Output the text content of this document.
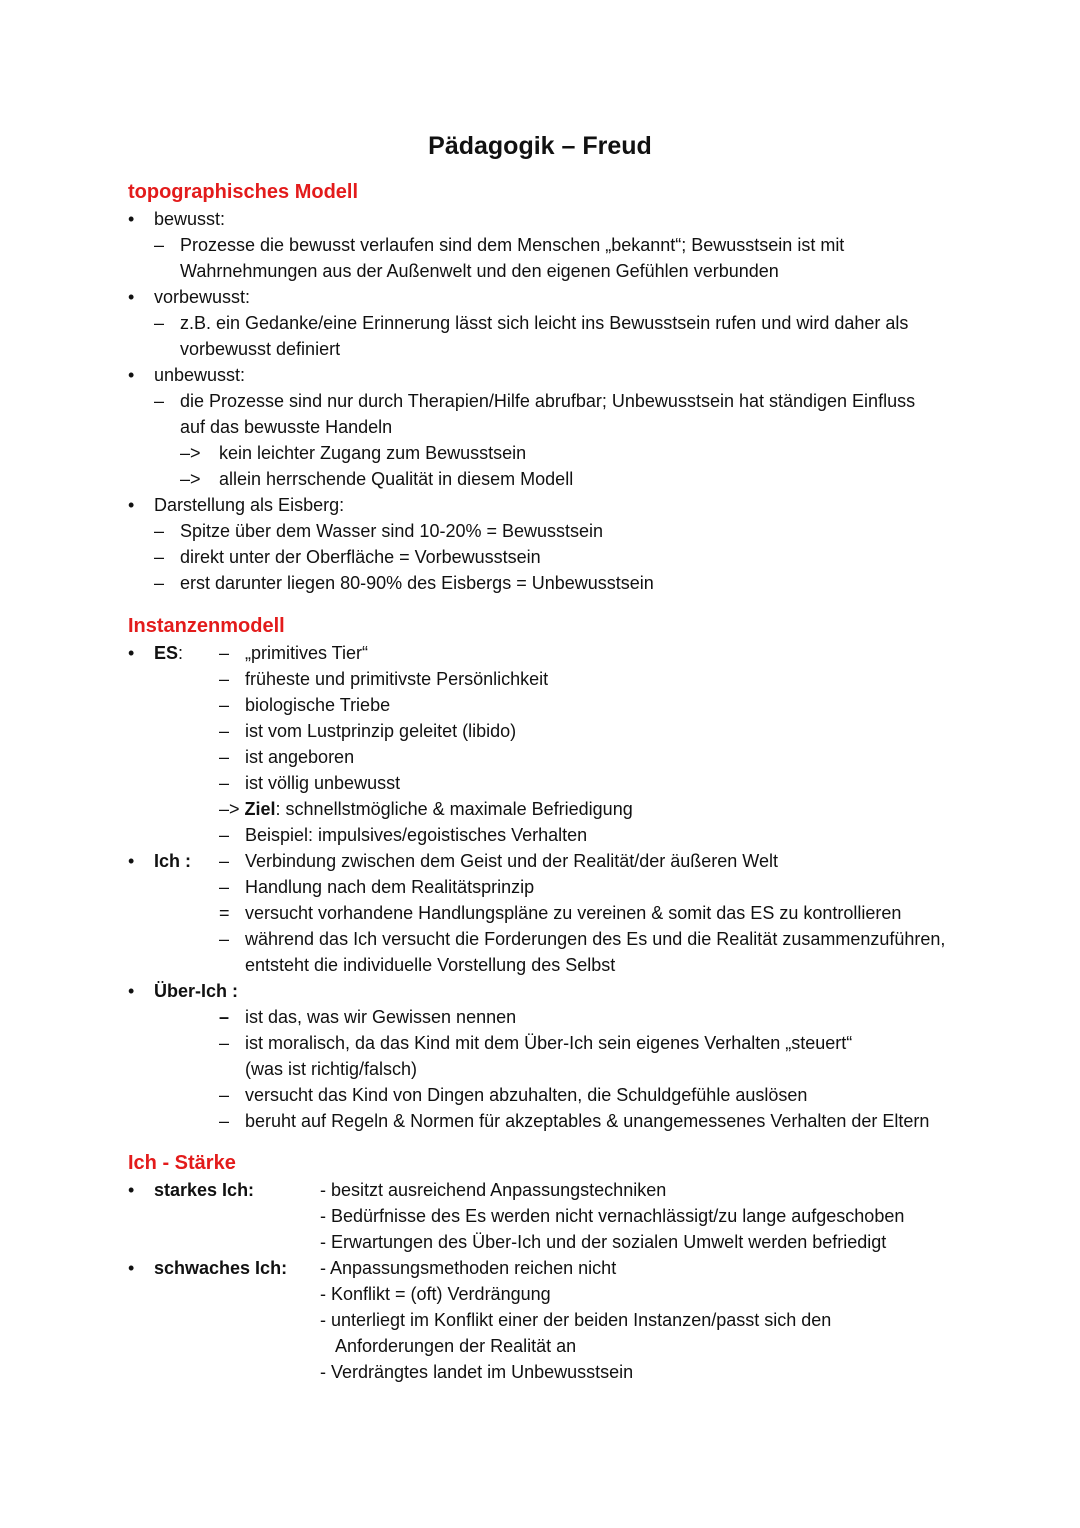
Pädagogik – Freud
topographisches Modell
• bewusst:
– Prozesse die bewusst verlaufen sind dem Menschen „bekannt“; Bewusstsein ist mit
Wahrnehmungen aus der Außenwelt und den eigenen Gefühlen verbunden
• vorbewusst:
– z.B. ein Gedanke/eine Erinnerung lässt sich leicht ins Bewusstsein rufen und wird daher als
vorbewusst definiert
• unbewusst:
– die Prozesse sind nur durch Therapien/Hilfe abrufbar; Unbewusstsein hat ständigen Einfluss
auf das bewusste Handeln
–> kein leichter Zugang zum Bewusstsein
–> allein herrschende Qualität in diesem Modell
• Darstellung als Eisberg:
– Spitze über dem Wasser sind 10-20% = Bewusstsein
– direkt unter der Oberfläche = Vorbewusstsein
– erst darunter liegen 80-90% des Eisbergs = Unbewusstsein
Instanzenmodell
• ES : – „primitives Tier“
– früheste und primitivste Persönlichkeit
– biologische Triebe
– ist vom Lustprinzip geleitet (libido)
– ist angeboren
– ist völlig unbewusst
–> Ziel: schnellstmögliche & maximale Befriedigung
– Beispiel: impulsives/egoistisches Verhalten
• Ich : – Verbindung zwischen dem Geist und der Realität/der äußeren Welt
– Handlung nach dem Realitätsprinzip
= versucht vorhandene Handlungspläne zu vereinen & somit das ES zu kontrollieren
– während das Ich versucht die Forderungen des Es und die Realität zusammenzuführen,
entsteht die individuelle Vorstellung des Selbst
• Über-Ich :
– ist das, was wir Gewissen nennen
– ist moralisch, da das Kind mit dem Über-Ich sein eigenes Verhalten „steuert“
(was ist richtig/falsch)
– versucht das Kind von Dingen abzuhalten, die Schuldgefühle auslösen
– beruht auf Regeln & Normen für akzeptables & unangemessenes Verhalten der Eltern
Ich - Stärke
• starkes Ich:	- besitzt ausreichend Anpassungstechniken
- Bedürfnisse des Es werden nicht vernachlässigt/zu lange aufgeschoben
- Erwartungen des Über-Ich und der sozialen Umwelt werden befriedigt
• schwaches Ich: - Anpassungsmethoden reichen nicht
- Konflikt = (oft) Verdrängung
- unterliegt im Konflikt einer der beiden Instanzen/passt sich den
Anforderungen der Realität an
- Verdrängtes landet im Unbewusstsein
